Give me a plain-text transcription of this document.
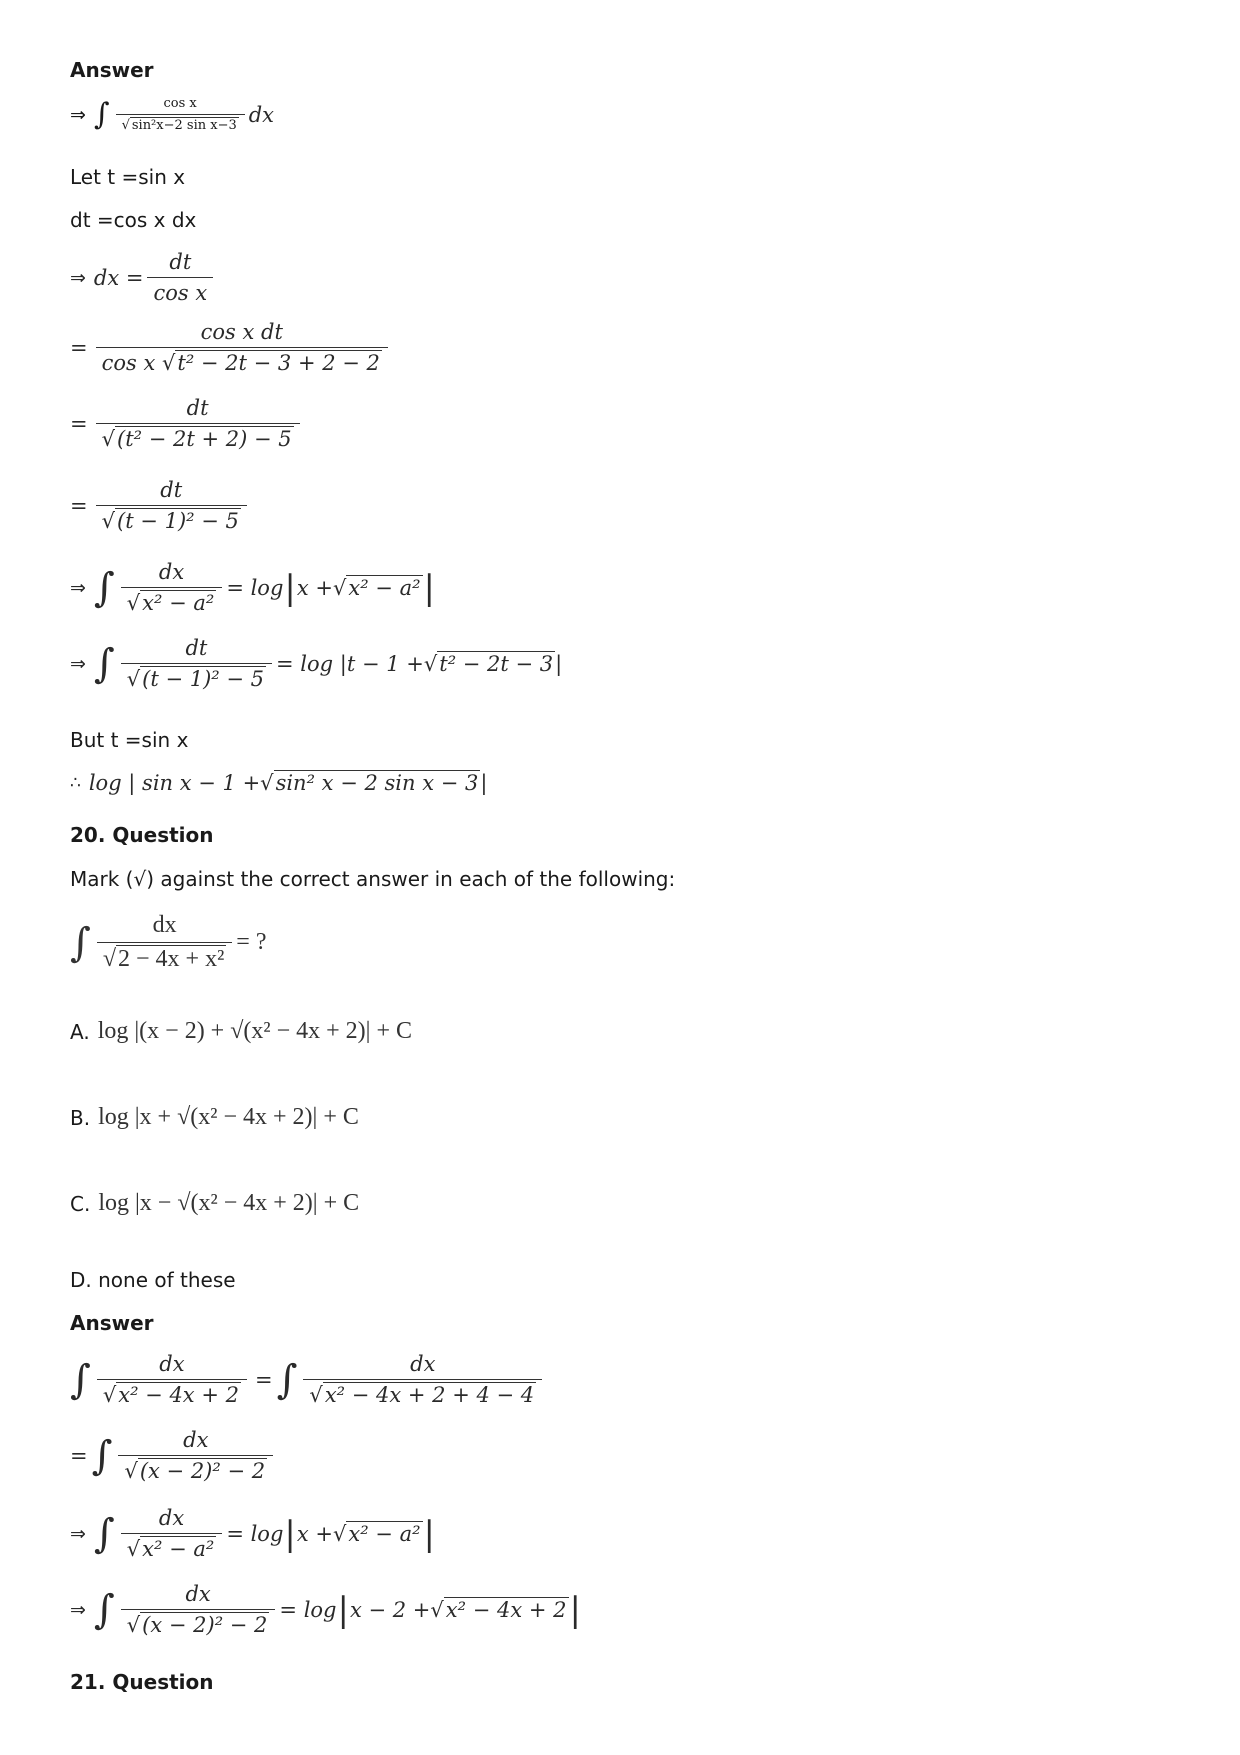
Answer
⇒ ∫ $\frac{\text{cos x}}{\text{√ sin²x−2 sin x−3}}$ dx
Let t =sin x
dt =cos x dx
⇒ dx = $\frac{dt}{\text{cos x}}$
= $\frac{\text{cos x dt}}{\text{cos x √t² − 2t − 3 + 2 − 2}}$
= $\frac{dt}{\text{√(t² − 2t + 2) − 5}}$
= $\frac{dt}{\text{√(t − 1)² − 5}}$
⇒ ∫ $\frac{dx}{\text{√x² − a²}} = \log$ | x + √ x² − a² |
⇒ ∫ $\frac{dt}{\text{√(t − 1)² − 5}} = \log |t - 1$ + √ t² − 2t − 3 |
But t =sin x
∴ log | sin x − 1 + √ sin² x − 2 sin x − 3 |
20. Question
Mark (√) against the correct answer in each of the following:
∫ $\frac{dx}{\text{√2 − 4x + x²}}$ = ?
A. log |(x − 2) + √(x² − 4x + 2)| + C
B. log |x + √(x² − 4x + 2)| + C
C. log |x − √(x² − 4x + 2)| + C
D. none of these
Answer
∫ $\frac{dx}{\text{√x² − 4x + 2}}$ = ∫ $\frac{dx}{\text{√x² − 4x + 2 + 4 − 4}}$
= ∫ $\frac{dx}{\text{√(x − 2)² − 2}}$
⇒ ∫ $\frac{dx}{\text{√x² − a²}} = \log$ | x + √ x² − a² |
⇒ ∫ $\frac{dx}{\text{√(x − 2)² − 2}} = \log$ | x − 2 + √ x² − 4x + 2 |
21. Question
